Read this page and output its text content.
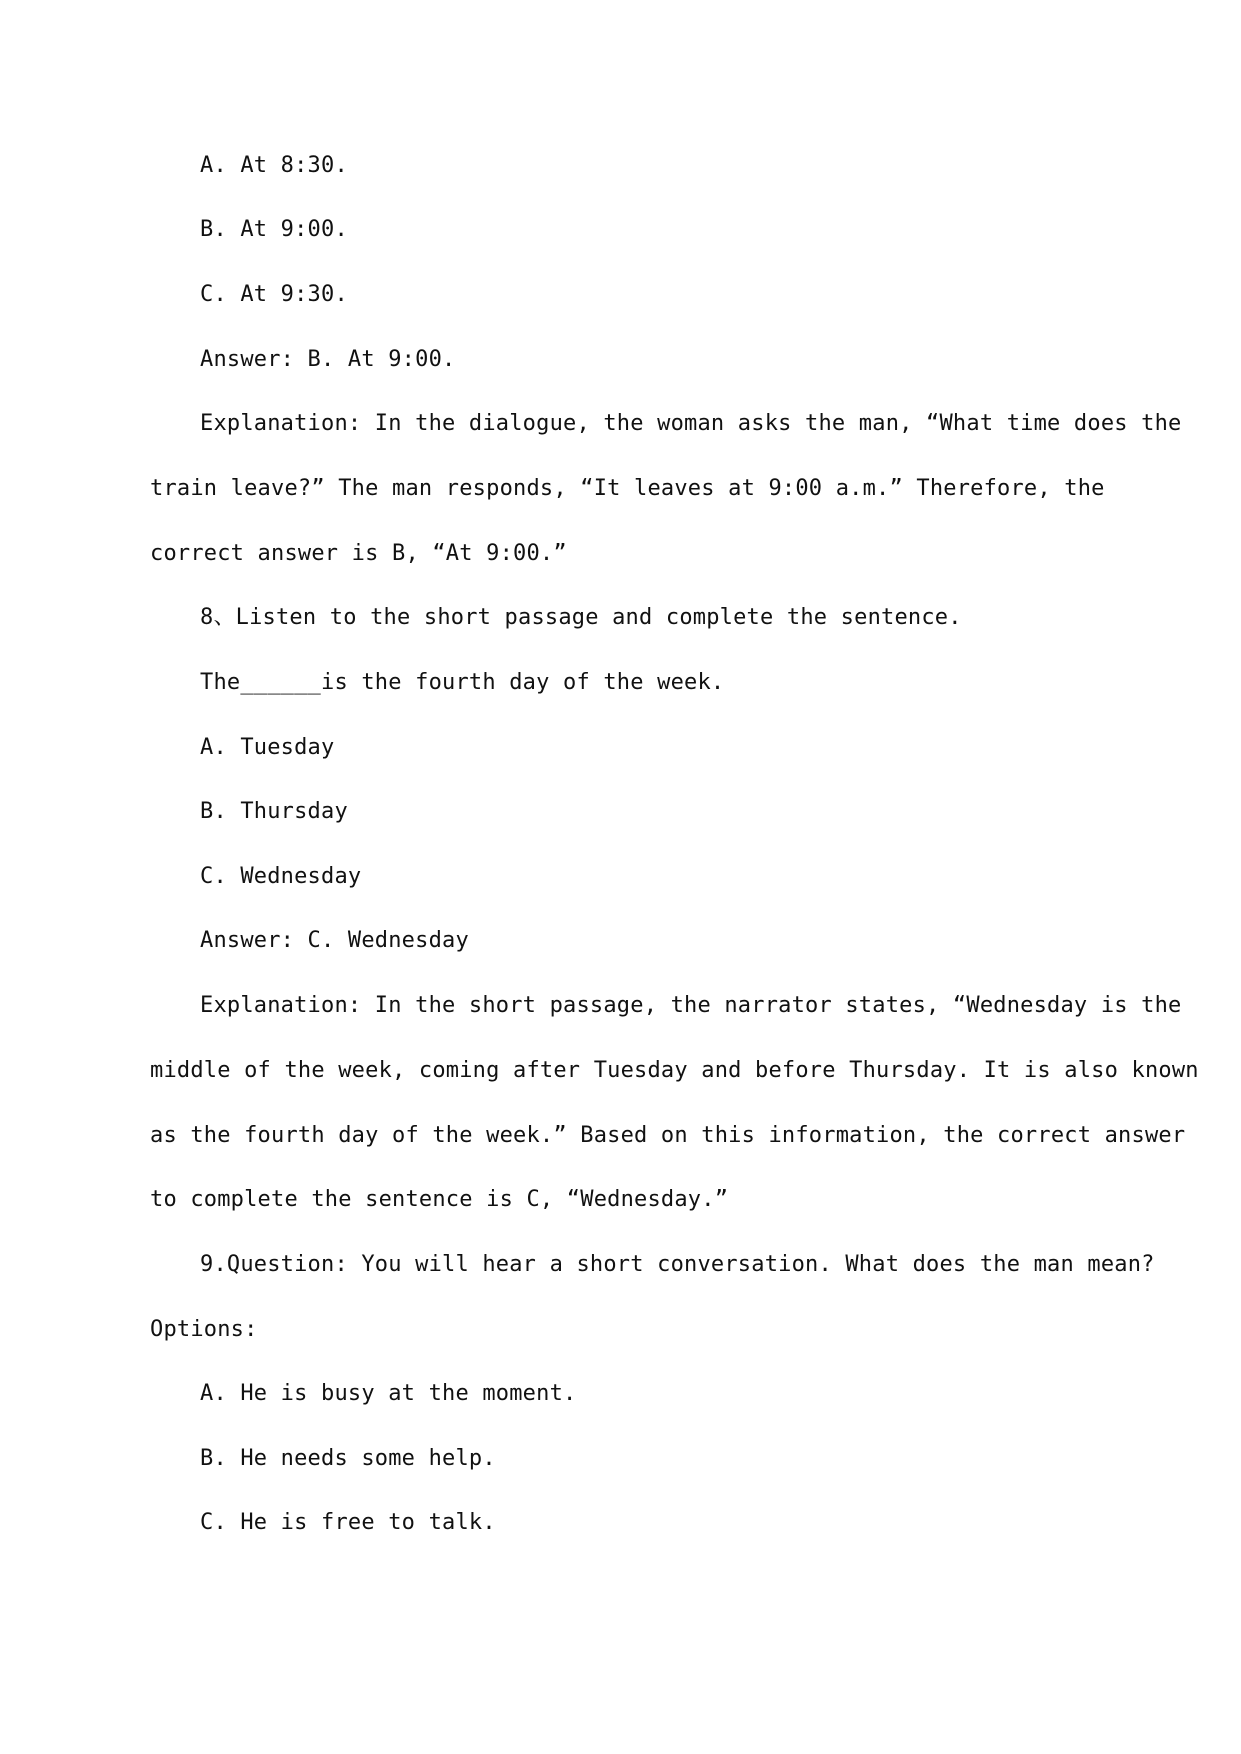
A. At 8:30.
B. At 9:00.
C. At 9:30.
Answer: B. At 9:00.
Explanation: In the dialogue, the woman asks the man, “What time does the
train leave?” The man responds, “It leaves at 9:00 a.m.” Therefore, the
correct answer is B, “At 9:00.”
8、Listen to the short passage and complete the sentence.
The______is the fourth day of the week.
A. Tuesday
B. Thursday
C. Wednesday
Answer: C. Wednesday
Explanation: In the short passage, the narrator states, “Wednesday is the
middle of the week, coming after Tuesday and before Thursday. It is also known
as the fourth day of the week.” Based on this information, the correct answer
to complete the sentence is C, “Wednesday.”
9.Question: You will hear a short conversation. What does the man mean?
Options:
A. He is busy at the moment.
B. He needs some help.
C. He is free to talk.
